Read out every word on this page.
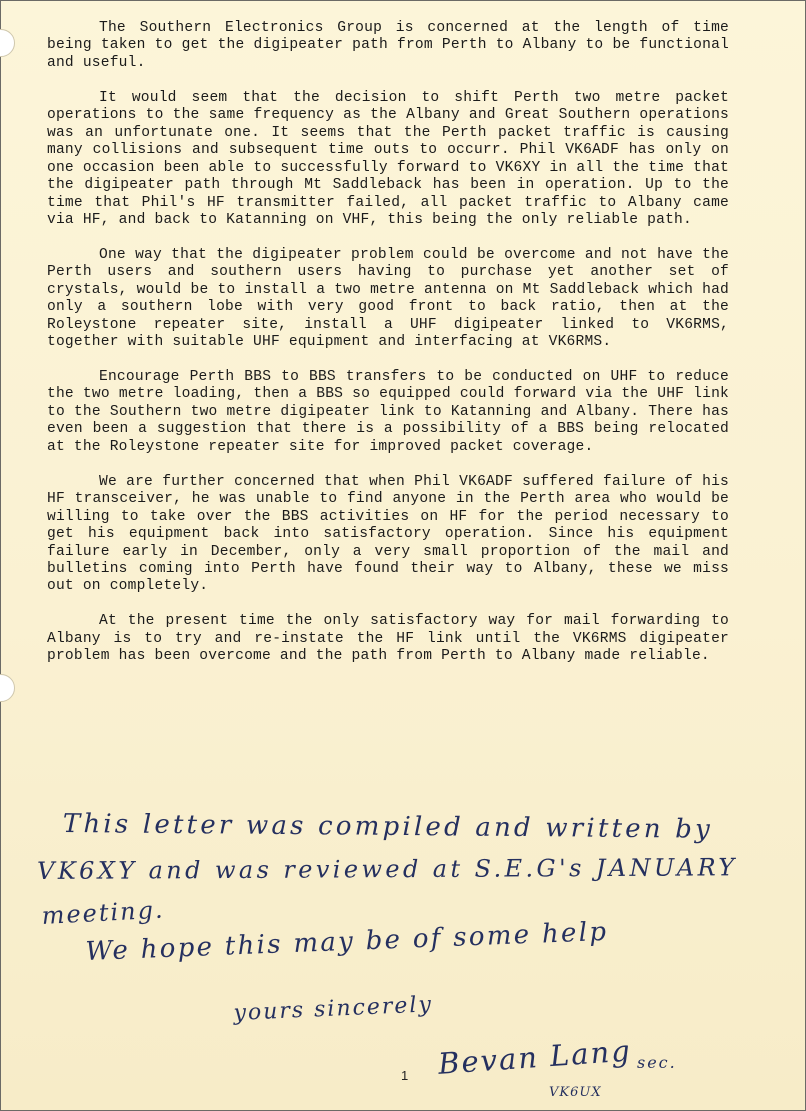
The Southern Electronics Group is concerned at the length of time being taken to get the digipeater path from Perth to Albany to be functional and useful.

It would seem that the decision to shift Perth two metre packet operations to the same frequency as the Albany and Great Southern operations was an unfortunate one. It seems that the Perth packet traffic is causing many collisions and subsequent time outs to occurr. Phil VK6ADF has only on one occasion been able to successfully forward to VK6XY in all the time that the digipeater path through Mt Saddleback has been in operation. Up to the time that Phil's HF transmitter failed, all packet traffic to Albany came via HF, and back to Katanning on VHF, this being the only reliable path.

One way that the digipeater problem could be overcome and not have the Perth users and southern users having to purchase yet another set of crystals, would be to install a two metre antenna on Mt Saddleback which had only a southern lobe with very good front to back ratio, then at the Roleystone repeater site, install a UHF digipeater linked to VK6RMS, together with suitable UHF equipment and interfacing at VK6RMS.

Encourage Perth BBS to BBS transfers to be conducted on UHF to reduce the two metre loading, then a BBS so equipped could forward via the UHF link to the Southern two metre digipeater link to Katanning and Albany. There has even been a suggestion that there is a possibility of a BBS being relocated at the Roleystone repeater site for improved packet coverage.

We are further concerned that when Phil VK6ADF suffered failure of his HF transceiver, he was unable to find anyone in the Perth area who would be willing to take over the BBS activities on HF for the period necessary to get his equipment back into satisfactory operation. Since his equipment failure early in December, only a very small proportion of the mail and bulletins coming into Perth have found their way to Albany, these we miss out on completely.

At the present time the only satisfactory way for mail forwarding to Albany is to try and re-instate the HF link until the VK6RMS digipeater problem has been overcome and the path from Perth to Albany made reliable.

This letter was compiled and written by
VK6XY and was reviewed at S.E.G's JANUARY
meeting.
We hope this may be of some help
yours sincerely
Bevan Lang sec.
VK6UX
1
